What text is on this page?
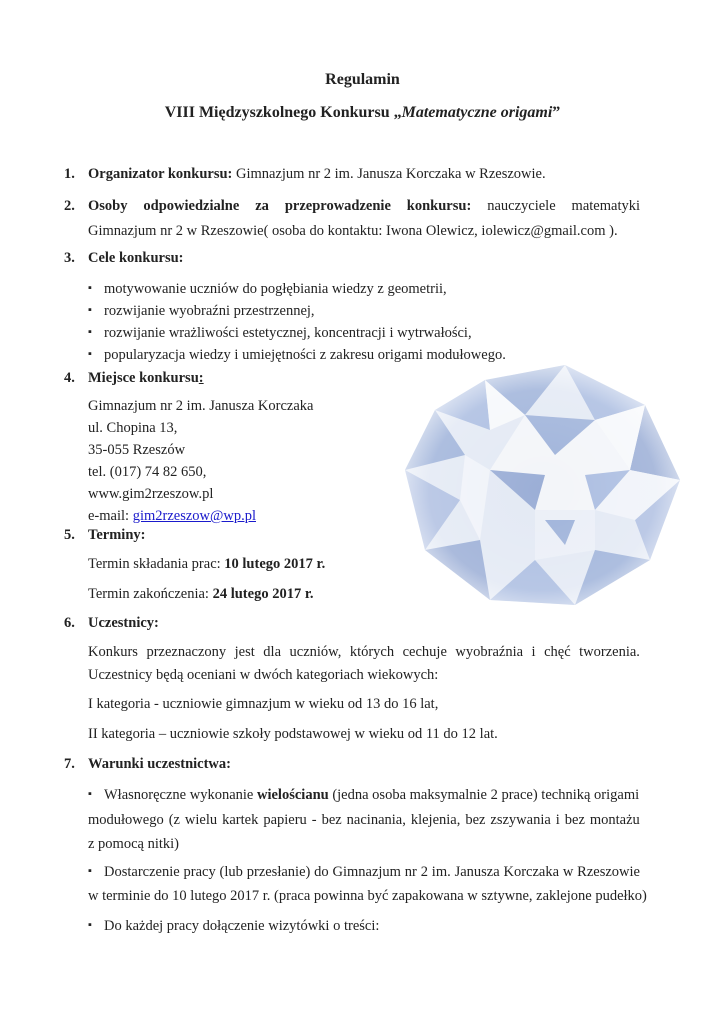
Regulamin
VIII Międzyszkolnego Konkursu „Matematyczne origami”
1. Organizator konkursu: Gimnazjum nr 2 im. Janusza Korczaka w Rzeszowie.
2. Osoby odpowiedzialne za przeprowadzenie konkursu: nauczyciele matematyki
Gimnazjum nr 2 w Rzeszowie( osoba do kontaktu: Iwona Olewicz, iolewicz@gmail.com ).
3. Cele konkursu:
▪ motywowanie uczniów do pogłębiania wiedzy z geometrii,
▪ rozwijanie wyobraźni przestrzennej,
▪ rozwijanie wrażliwości estetycznej, koncentracji i wytrwałości,
▪ popularyzacja wiedzy i umiejętności z zakresu origami modułowego.
4. Miejsce konkursu:
Gimnazjum nr 2 im. Janusza Korczaka
ul. Chopina 13,
35-055 Rzeszów
tel. (017) 74 82 650,
www.gim2rzeszow.pl
e-mail: gim2rzeszow@wp.pl
5. Terminy:
Termin składania prac: 10 lutego 2017 r.
Termin zakończenia: 24 lutego 2017 r.
6. Uczestnicy:
Konkurs przeznaczony jest dla uczniów, których cechuje wyobraźnia i chęć tworzenia.
Uczestnicy będą oceniani w dwóch kategoriach wiekowych:
I kategoria - uczniowie gimnazjum w wieku od 13 do 16 lat,
II kategoria – uczniowie szkoły podstawowej w wieku od 11 do 12 lat.
7. Warunki uczestnictwa:
▪ Własnoręczne wykonanie wielościanu (jedna osoba maksymalnie 2 prace) techniką origami
modułowego (z wielu kartek papieru - bez nacinania, klejenia, bez zszywania i bez montażu
z pomocą nitki)
▪ Dostarczenie pracy (lub przesłanie) do Gimnazjum nr 2 im. Janusza Korczaka w Rzeszowie
w terminie do 10 lutego 2017 r. (praca powinna być zapakowana w sztywne, zaklejone pudełko)
▪ Do każdej pracy dołączenie wizytówki o treści:
